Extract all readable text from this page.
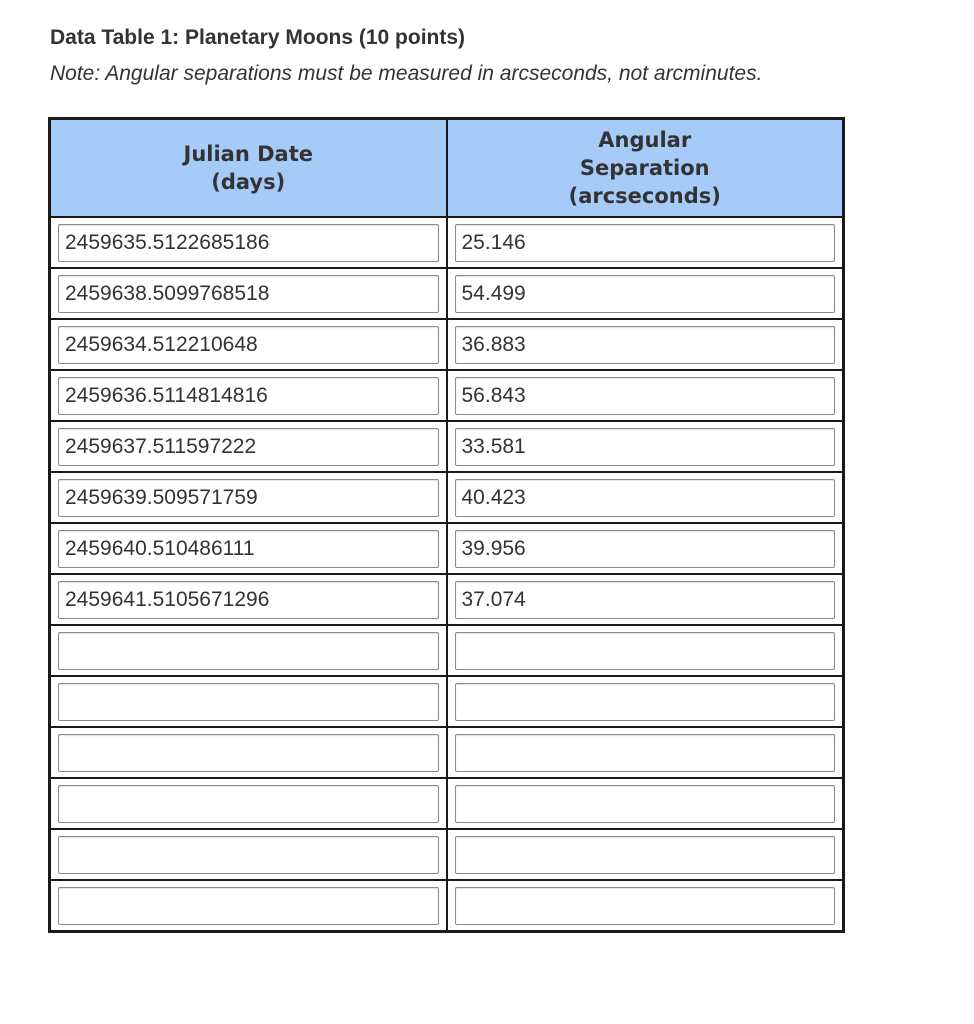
Data Table 1: Planetary Moons (10 points)
Note: Angular separations must be measured in arcseconds, not arcminutes.
Julian Date
(days)	Angular
Separation
(arcseconds)

2459635.5122685186	25.146

2459638.5099768518	54.499

2459634.512210648	36.883

2459636.5114814816	56.843

2459637.511597222	33.581

2459639.509571759	40.423

2459640.510486111	39.956

2459641.5105671296	37.074
